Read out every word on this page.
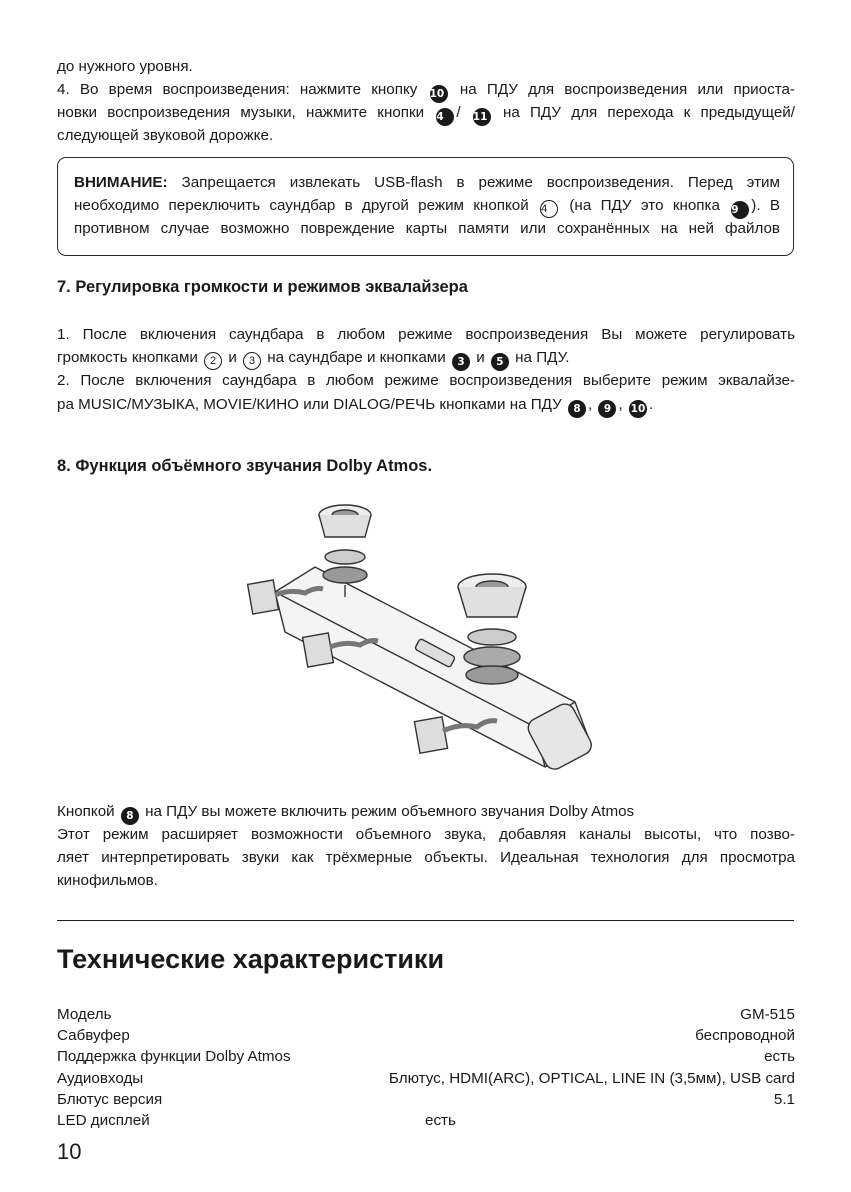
до нужного уровня.
4. Во время воспроизведения: нажмите кнопку 10 на ПДУ для воспроизведения или приоста-
новки воспроизведения музыки, нажмите кнопки 4 / 11 на ПДУ для перехода к предыдущей/
следующей звуковой дорожке.
ВНИМАНИЕ: Запрещается извлекать USB-flash в режиме воспроизведения. Перед этим
необходимо переключить саундбар в другой режим кнопкой 4 (на ПДУ это кнопка 9 ). В
противном случае возможно повреждение карты памяти или сохранённых на ней файлов
7. Регулировка громкости и режимов эквалайзера
1. После включения саундбара в любом режиме воспроизведения Вы можете регулировать
громкость кнопками 2 и 3 на саундбаре и кнопками 3 и 5 на ПДУ.
2. После включения саундбара в любом режиме воспроизведения выберите режим эквалайзе-
ра MUSIC/МУЗЫКА, MOVIE/КИНО или DIALOG/РЕЧЬ кнопками на ПДУ 8 , 9 , 10 .
8. Функция объёмного звучания Dolby Atmos.
Кнопкой 8 на ПДУ вы можете включить режим объемного звучания Dolby Atmos
Этот режим расширяет возможности объемного звука, добавляя каналы высоты, что позво-
ляет интерпретировать звуки как трёхмерные объекты. Идеальная технология для просмотра
кинофильмов.
Технические характеристики
Модель	GM-515
Сабвуфер	беспроводной
Поддержка функции Dolby Atmos	есть
Аудиовходы	Блютус, HDMI(ARC), OPTICAL, LINE IN (3,5мм), USB card
Блютус версия	5.1
LED дисплей	есть
10
